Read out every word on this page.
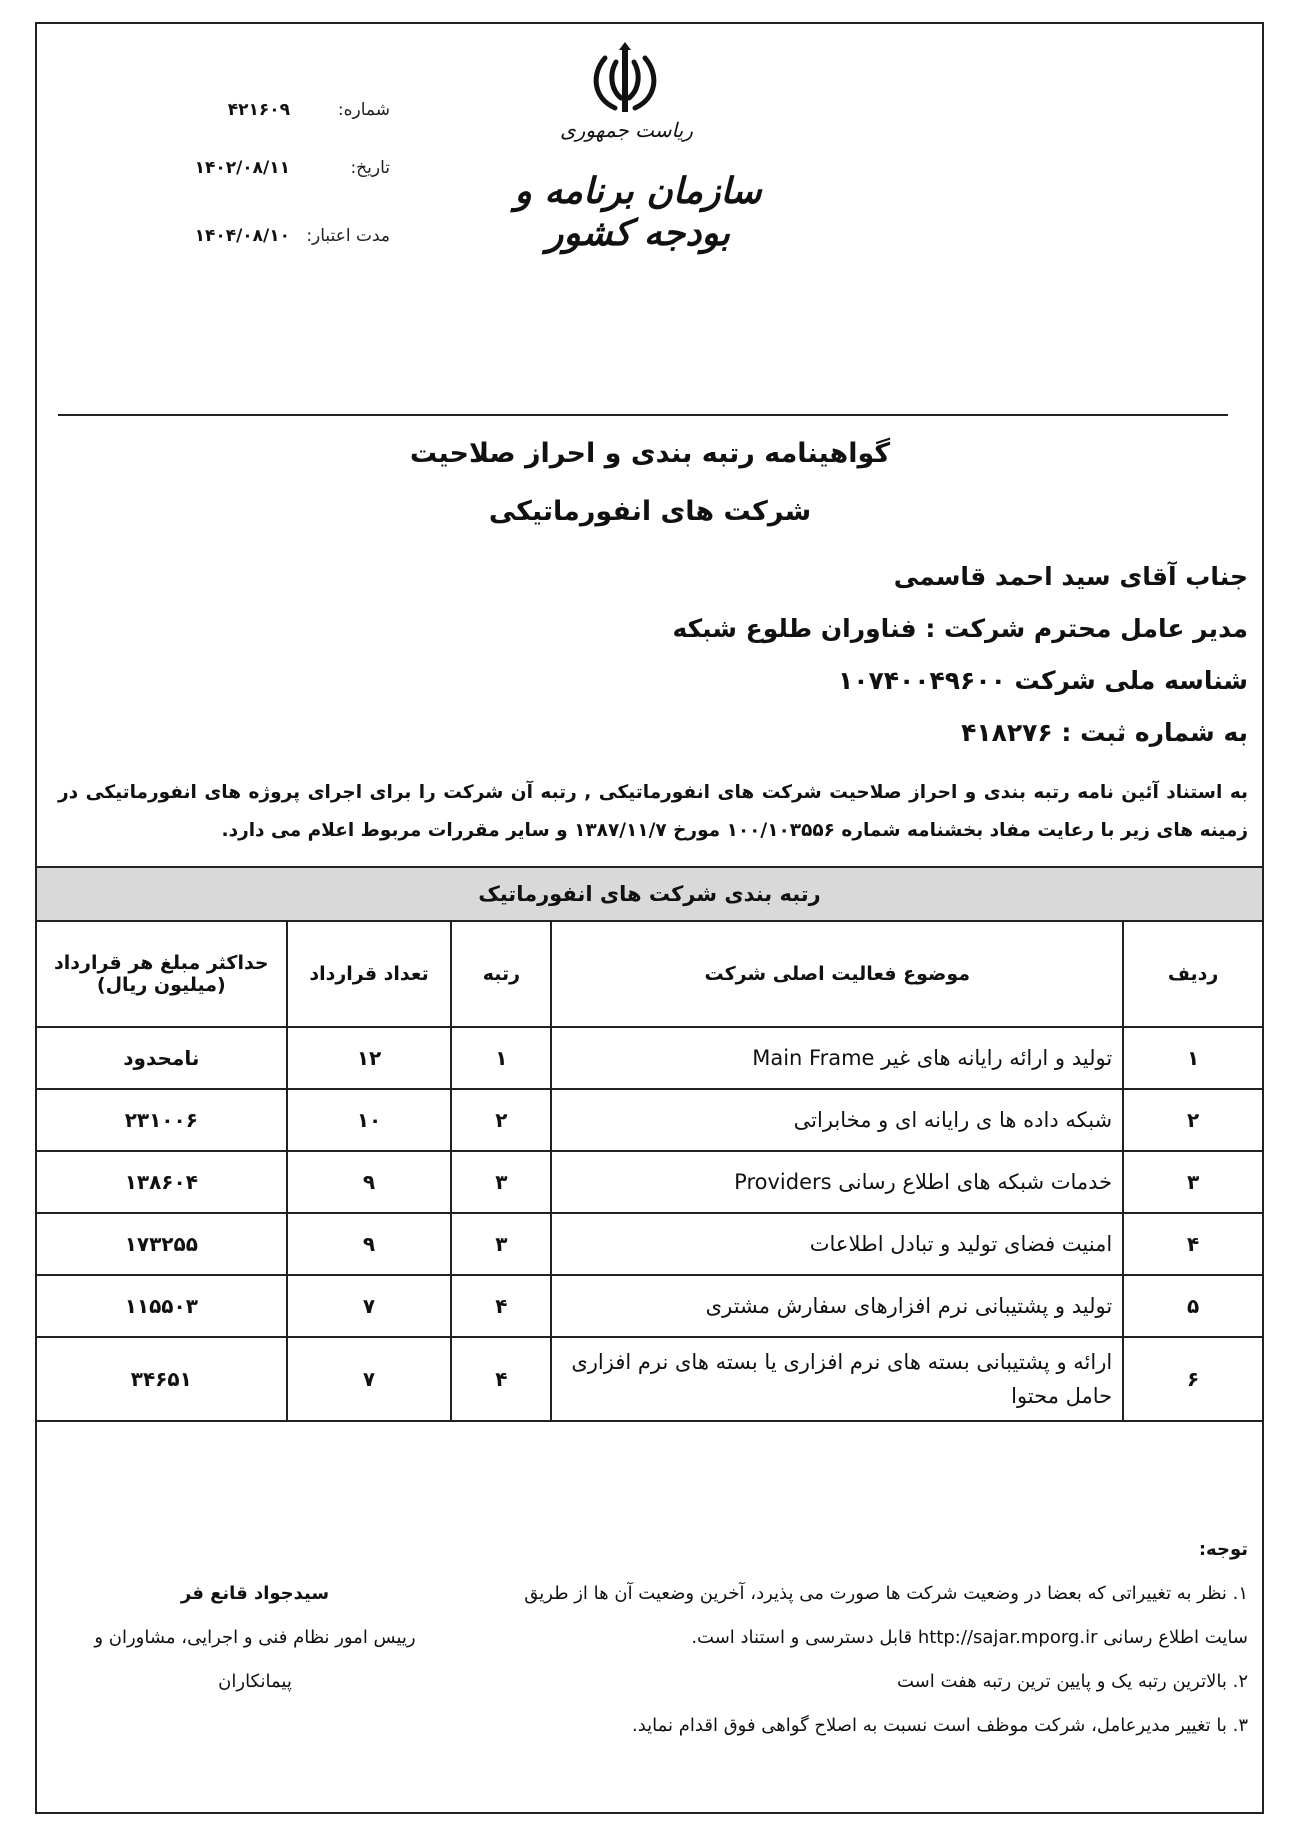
شماره:
۴۲۱۶۰۹
تاریخ:
۱۴۰۲/۰۸/۱۱
مدت اعتبار:
۱۴۰۴/۰۸/۱۰
ریاست جمهوری
سازمان برنامه و بودجه کشور
گواهینامه رتبه بندی و احراز صلاحیت
شرکت های انفورماتیکی
جناب آقای سید احمد قاسمی
مدیر عامل محترم شرکت : فناوران طلوع شبکه
شناسه ملی شرکت ۱۰۷۴۰۰۴۹۶۰۰
به شماره ثبت : ۴۱۸۲۷۶
به استناد آئین نامه رتبه بندی و احراز صلاحیت شرکت های انفورماتیکی , رتبه آن شرکت را برای اجرای پروژه های انفورماتیکی در زمینه های زیر با رعایت مفاد بخشنامه شماره ۱۰۰/۱۰۳۵۵۶ مورخ ۱۳۸۷/۱۱/۷ و سایر مقررات مربوط اعلام می دارد.
رتبه بندی شرکت های انفورماتیک				
ردیف	موضوع فعالیت اصلی شرکت	رتبه	تعداد قرارداد	حداکثر مبلغ هر قرارداد
(میلیون ریال)

۱	تولید و ارائه رایانه های غیر Main Frame	۱	۱۲	نامحدود
۲	شبکه داده ها ی رایانه ای و مخابراتی	۲	۱۰	۲۳۱۰۰۶
۳	خدمات شبکه های اطلاع رسانی Providers	۳	۹	۱۳۸۶۰۴
۴	امنیت فضای تولید و تبادل اطلاعات	۳	۹	۱۷۳۲۵۵
۵	تولید و پشتیبانی نرم افزارهای سفارش مشتری	۴	۷	۱۱۵۵۰۳
۶	ارائه و پشتیبانی بسته های نرم افزاری یا بسته های نرم افزاری حامل محتوا	۴	۷	۳۴۶۵۱
توجه:
۱. نظر به تغییراتی که بعضا در وضعیت شرکت ها صورت می پذیرد، آخرین وضعیت آن ها از طریق سایت اطلاع رسانی http://sajar.mporg.ir قابل دسترسی و استناد است.
۲. بالاترین رتبه یک و پایین ترین رتبه هفت است
۳. با تغییر مدیرعامل، شرکت موظف است نسبت به اصلاح گواهی فوق اقدام نماید.
سیدجواد قانع فر
رییس امور نظام فنی و اجرایی، مشاوران و پیمانکاران
